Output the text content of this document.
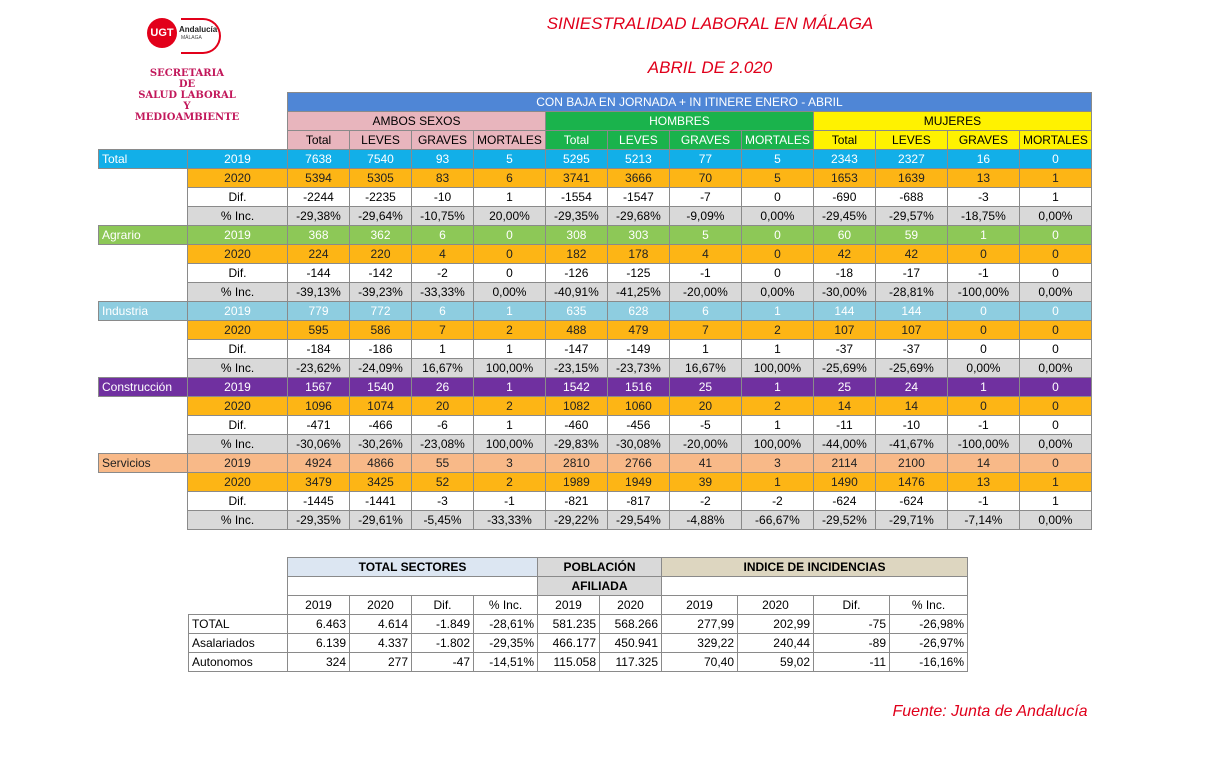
UGT Andalucía
MÁLAGA
SECRETARIA
DE
SALUD LABORAL
Y
MEDIOAMBIENTE
SINIESTRALIDAD LABORAL EN MÁLAGA
ABRIL DE 2.020
		CON BAJA EN JORNADA + IN ITINERE ENERO - ABRIL											
		AMBOS SEXOS				HOMBRES				MUJERES			
		Total	LEVES	GRAVES	MORTALES	Total	LEVES	GRAVES	MORTALES	Total	LEVES	GRAVES	MORTALES
Total	2019	7638	7540	93	5	5295	5213	77	5	2343	2327	16	0
	2020	5394	5305	83	6	3741	3666	70	5	1653	1639	13	1
	Dif.	-2244	-2235	-10	1	-1554	-1547	-7	0	-690	-688	-3	1
	% Inc.	-29,38%	-29,64%	-10,75%	20,00%	-29,35%	-29,68%	-9,09%	0,00%	-29,45%	-29,57%	-18,75%	0,00%
Agrario	2019	368	362	6	0	308	303	5	0	60	59	1	0
	2020	224	220	4	0	182	178	4	0	42	42	0	0
	Dif.	-144	-142	-2	0	-126	-125	-1	0	-18	-17	-1	0
	% Inc.	-39,13%	-39,23%	-33,33%	0,00%	-40,91%	-41,25%	-20,00%	0,00%	-30,00%	-28,81%	-100,00%	0,00%
Industria	2019	779	772	6	1	635	628	6	1	144	144	0	0
	2020	595	586	7	2	488	479	7	2	107	107	0	0
	Dif.	-184	-186	1	1	-147	-149	1	1	-37	-37	0	0
	% Inc.	-23,62%	-24,09%	16,67%	100,00%	-23,15%	-23,73%	16,67%	100,00%	-25,69%	-25,69%	0,00%	0,00%
Construcción	2019	1567	1540	26	1	1542	1516	25	1	25	24	1	0
	2020	1096	1074	20	2	1082	1060	20	2	14	14	0	0
	Dif.	-471	-466	-6	1	-460	-456	-5	1	-11	-10	-1	0
	% Inc.	-30,06%	-30,26%	-23,08%	100,00%	-29,83%	-30,08%	-20,00%	100,00%	-44,00%	-41,67%	-100,00%	0,00%
Servicios	2019	4924	4866	55	3	2810	2766	41	3	2114	2100	14	0
	2020	3479	3425	52	2	1989	1949	39	1	1490	1476	13	1
	Dif.	-1445	-1441	-3	-1	-821	-817	-2	-2	-624	-624	-1	1
	% Inc.	-29,35%	-29,61%	-5,45%	-33,33%	-29,22%	-29,54%	-4,88%	-66,67%	-29,52%	-29,71%	-7,14%	0,00%
	TOTAL SECTORES				POBLACIÓN		INDICE DE INCIDENCIAS			
					AFILIADA					
	2019	2020	Dif.	% Inc.	2019	2020	2019	2020	Dif.	% Inc.
TOTAL	6.463	4.614	-1.849	-28,61%	581.235	568.266	277,99	202,99	-75	-26,98%
Asalariados	6.139	4.337	-1.802	-29,35%	466.177	450.941	329,22	240,44	-89	-26,97%
Autonomos	324	277	-47	-14,51%	115.058	117.325	70,40	59,02	-11	-16,16%
Fuente: Junta de Andalucía
